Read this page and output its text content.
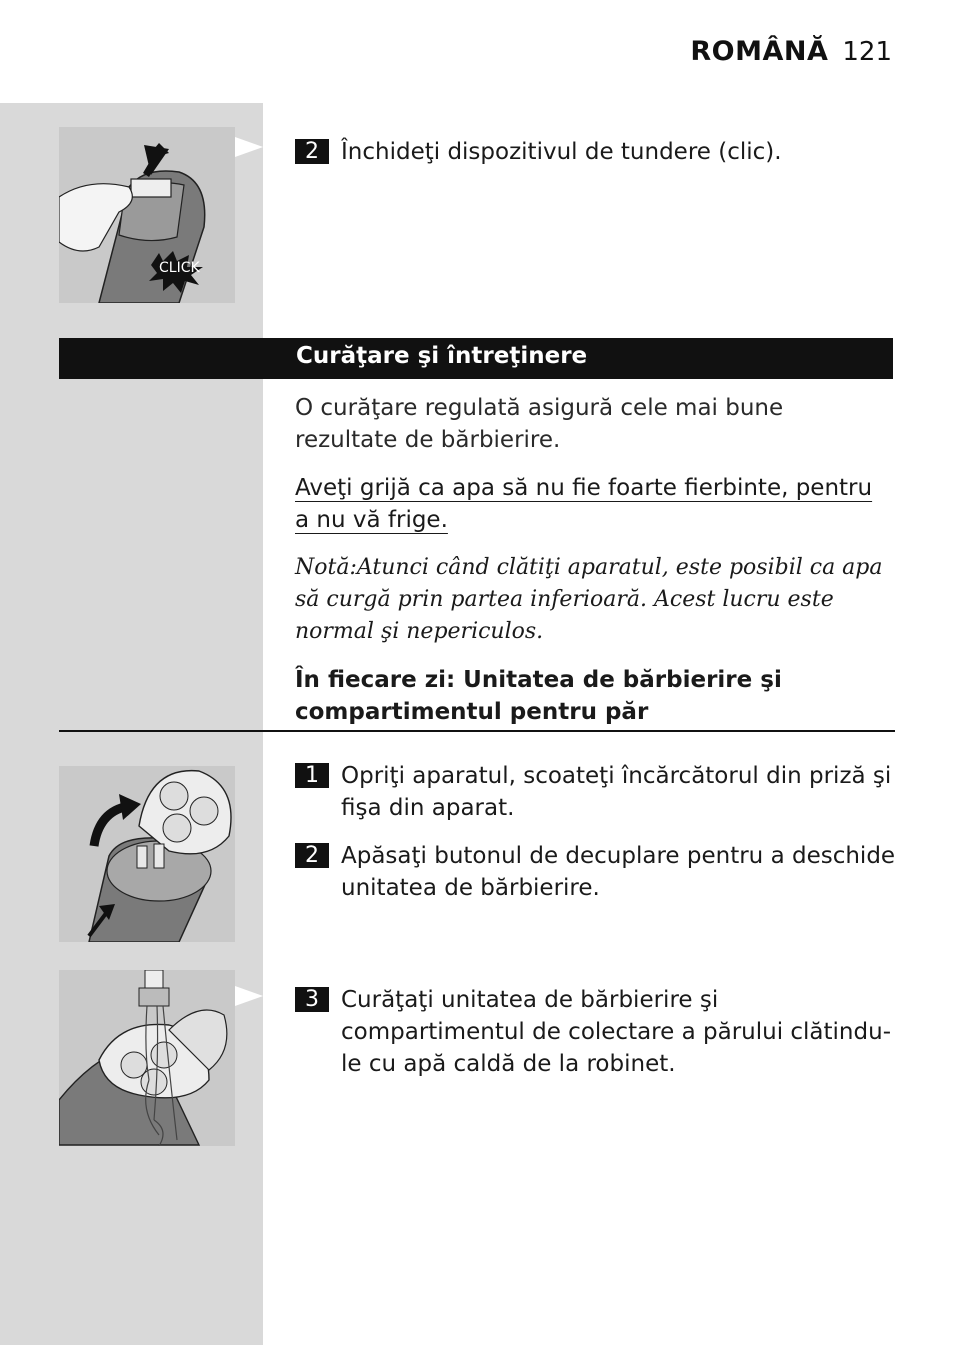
ROMÂNĂ 121
CLICK
2 Închideţi dispozitivul de tundere (clic).
Curăţare şi întreţinere
O curăţare regulată asigură cele mai bune rezultate de bărbierire.
Aveţi grijă ca apa să nu fie foarte fierbinte, pentru a nu vă frige.
Notă:Atunci când clătiţi aparatul, este posibil ca apa să curgă prin partea inferioară. Acest lucru este normal şi nepericulos.
În fiecare zi: Unitatea de bărbierire şi compartimentul pentru păr
1 Opriţi aparatul, scoateţi încărcătorul din priză şi fişa din aparat.
2 Apăsaţi butonul de decuplare pentru a deschide unitatea de bărbierire.
3 Curăţaţi unitatea de bărbierire şi compartimentul de colectare a părului clătindu-le cu apă caldă de la robinet.
